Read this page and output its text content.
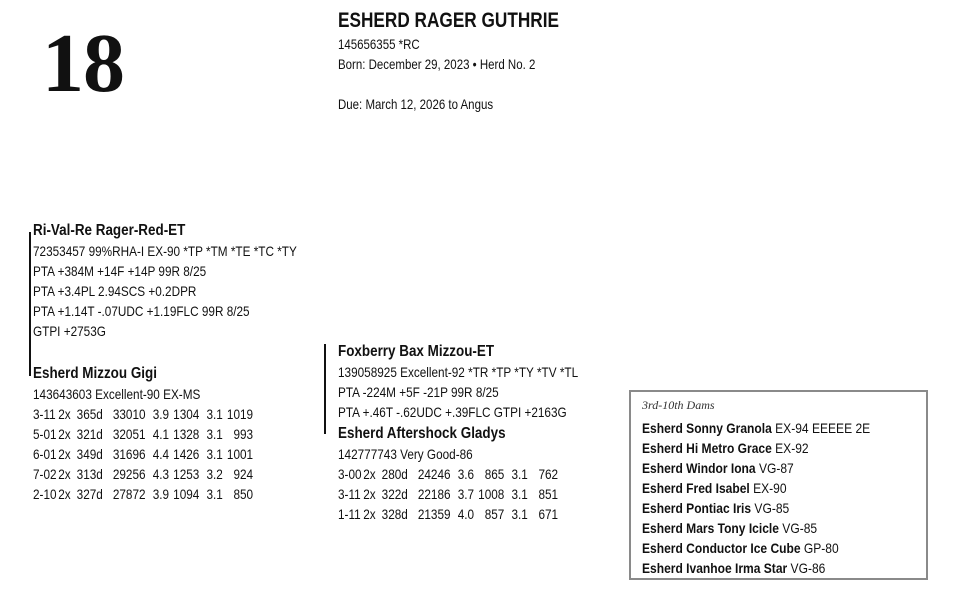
18	ESHERD RAGER GUTHRIE
145656355 *RC
Born: December 29, 2023 • Herd No. 2
Due: March 12, 2026 to Angus
Ri-Val-Re Rager-Red-ET
72353457 99%RHA-I EX-90 *TP *TM *TE *TC *TY
PTA +384M +14F +14P 99R 8/25
PTA +3.4PL 2.94SCS +0.2DPR
PTA +1.14T -.07UDC +1.19FLC 99R 8/25
GTPI +2753G
Esherd Mizzou Gigi
143643603 Excellent-90 EX-MS
3-11 2x 365d 33010 3.9 1304 3.1 1019
5-01 2x 321d 32051 4.1 1328 3.1 993
6-01 2x 349d 31696 4.4 1426 3.1 1001
7-02 2x 313d 29256 4.3 1253 3.2 924
2-10 2x 327d 27872 3.9 1094 3.1 850
Foxberry Bax Mizzou-ET
139058925 Excellent-92 *TR *TP *TY *TV *TL
PTA -224M +5F -21P 99R 8/25
PTA +.46T -.62UDC +.39FLC GTPI +2163G
Esherd Aftershock Gladys
142777743 Very Good-86
3-00 2x 280d 24246 3.6 865 3.1 762
3-11 2x 322d 22186 3.7 1008 3.1 851
1-11 2x 328d 21359 4.0 857 3.1 671
3rd-10th Dams
Esherd Sonny Granola EX-94 EEEEE 2E
Esherd Hi Metro Grace EX-92
Esherd Windor Iona VG-87
Esherd Fred Isabel EX-90
Esherd Pontiac Iris VG-85
Esherd Mars Tony Icicle VG-85
Esherd Conductor Ice Cube GP-80
Esherd Ivanhoe Irma Star VG-86
